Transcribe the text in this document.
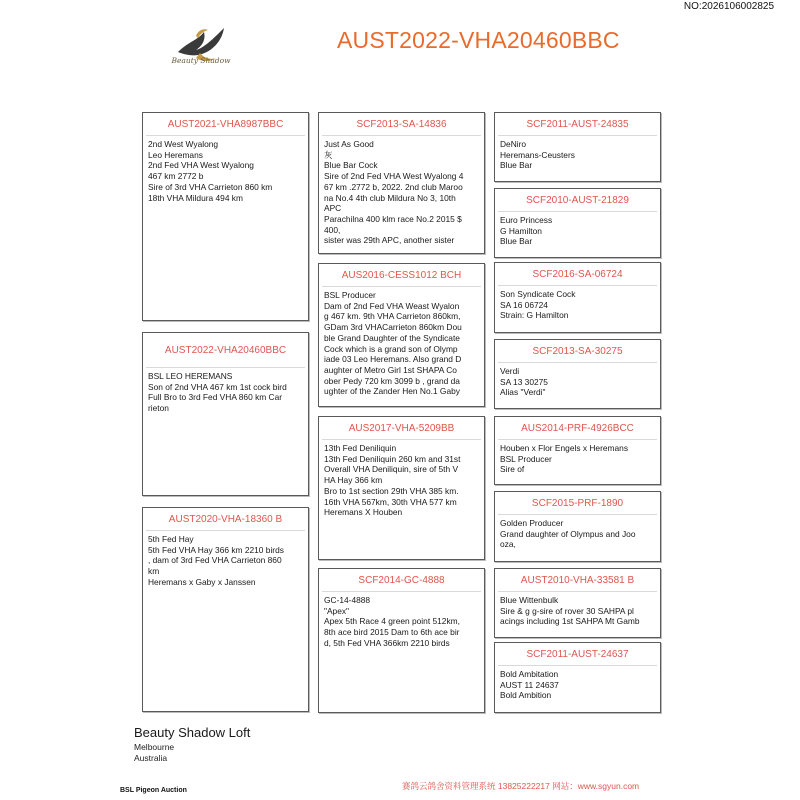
NO:2026106002825
Beauty Shadow
AUST2022-VHA20460BBC
AUST2021-VHA8987BBC
2nd West Wyalong
Leo Heremans
2nd Fed VHA West Wyalong
467 km 2772 b
Sire of 3rd VHA Carrieton 860 km
18th VHA Mildura 494 km
AUST2022-VHA20460BBC
BSL LEO HEREMANS
Son of 2nd VHA 467 km 1st cock bird
Full Bro to 3rd Fed VHA 860 km Car
rieton
AUST2020-VHA-18360 B
5th Fed Hay
5th Fed VHA Hay 366 km 2210 birds
, dam of 3rd Fed VHA Carrieton 860
km
Heremans x Gaby x Janssen
SCF2013-SA-14836
Just As Good
灰
Blue Bar Cock
Sire of 2nd Fed VHA West Wyalong 4
67 km .2772 b, 2022. 2nd club Maroo
na No.4 4th club Mildura No 3, 10th
APC
Parachilna 400 klm race No.2 2015 $
400,
sister was 29th APC, another sister
AUS2016-CESS1012 BCH
BSL Producer
Dam of 2nd Fed VHA Weast Wyalon
g 467 km. 9th VHA Carrieton 860km,
GDam 3rd VHACarrieton 860km Dou
ble Grand Daughter of the Syndicate
Cock which is a grand son of Olymp
iade 03 Leo Heremans. Also grand D
aughter of Metro Girl 1st SHAPA Co
ober Pedy 720 km 3099 b , grand da
ughter of the Zander Hen No.1 Gaby
AUS2017-VHA-5209BB
13th Fed Deniliquin
13th Fed Deniliquin 260 km and 31st
Overall VHA Deniliquin, sire of 5th V
HA Hay 366 km
Bro to 1st section 29th VHA 385 km.
16th VHA 567km, 30th VHA 577 km
Heremans X Houben
SCF2014-GC-4888
GC-14-4888
"Apex"
Apex 5th Race 4 green point 512km,
8th ace bird 2015 Dam to 6th ace bir
d, 5th Fed VHA 366km 2210 birds
SCF2011-AUST-24835
DeNiro
Heremans-Ceusters
Blue Bar
SCF2010-AUST-21829
Euro Princess
G Hamilton
Blue Bar
SCF2016-SA-06724
Son Syndicate Cock
SA 16 06724
Strain: G Hamilton
SCF2013-SA-30275
Verdi
SA 13 30275
Alias "Verdi"
AUS2014-PRF-4926BCC
Houben x Flor Engels x Heremans
BSL Producer
Sire of
SCF2015-PRF-1890
Golden Producer
Grand daughter of Olympus and Joo
ozа,
AUST2010-VHA-33581 B
Blue Wittenbulk
Sire & g g-sire of rover 30 SAHPA pl
acings including 1st SAHPA Mt Gamb
SCF2011-AUST-24637
Bold Ambitation
AUST 11 24637
Bold Ambition
Beauty Shadow Loft
Melbourne
Australia
赛鸽云鸽舍资料管理系统 13825222217 网站：www.sgyun.com
BSL Pigeon Auction
